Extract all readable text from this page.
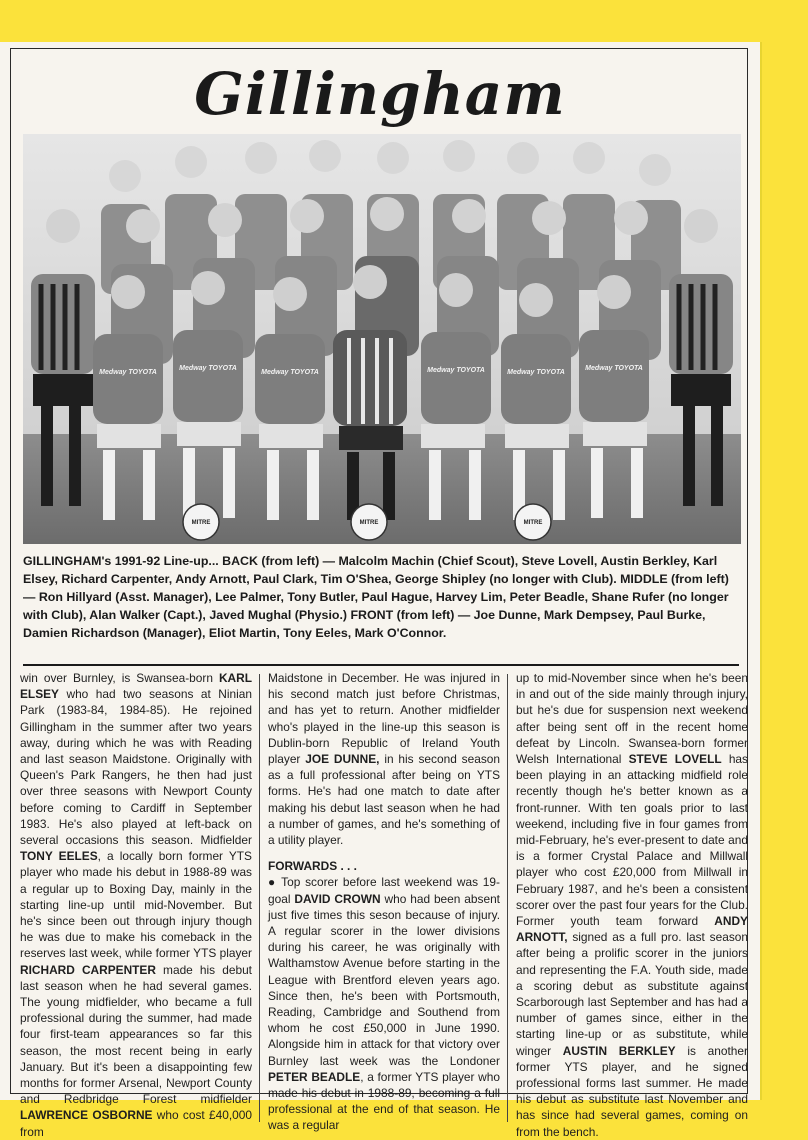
Gillingham
MITRE	MITRE	MITRE
Medway TOYOTA
Medway TOYOTA
Medway TOYOTA	Medway TOYOTA	Medway TOYOTA
Medway TOYOTA

GILLINGHAM's 1991-92 Line-up... BACK (from left) — Malcolm Machin (Chief Scout), Steve Lovell, Austin Berkley, Karl Elsey, Richard Carpenter, Andy Arnott, Paul Clark, Tim O'Shea, George Shipley (no longer with Club). MIDDLE (from left) — Ron Hillyard (Asst. Manager), Lee Palmer, Tony Butler, Paul Hague, Harvey Lim, Peter Beadle, Shane Rufer (no longer with Club), Alan Walker (Capt.), Javed Mughal (Physio.) FRONT (from left) — Joe Dunne, Mark Dempsey, Paul Burke, Damien Richardson (Manager), Eliot Martin, Tony Eeles, Mark O'Connor.

win over Burnley, is Swansea-born KARL ELSEY who had two seasons at Ninian Park (1983-84, 1984-85). He rejoined Gillingham in the summer after two years away, during which he was with Reading and last season Maidstone. Originally with Queen's Park Rangers, he then had just over three seasons with Newport County before coming to Cardiff in September 1983. He's also played at left-back on several occasions this season. Midfielder TONY EELES, a locally born former YTS player who made his debut in 1988-89 was a regular up to Boxing Day, mainly in the starting line-up until mid-November. But he's since been out through injury though he was due to make his comeback in the reserves last week, while former YTS player RICHARD CARPENTER made his debut last season when he had several games. The young midfielder, who became a full professional during the summer, had made four first-team appearances so far this season, the most recent being in early January. But it's been a disappointing few months for former Arsenal, Newport County and Redbridge Forest midfielder LAWRENCE OSBORNE who cost £40,000 from

Maidstone in December. He was injured in his second match just before Christmas, and has yet to return. Another midfielder who's played in the line-up this season is Dublin-born Republic of Ireland Youth player JOE DUNNE, in his second season as a full professional after being on YTS forms. He's had one match to date after making his debut last season when he had a number of games, and he's something of a utility player.

FORWARDS . . .

● Top scorer before last weekend was 19-goal DAVID CROWN who had been absent just five times this seson because of injury. A regular scorer in the lower divisions during his career, he was originally with Walthamstow Avenue before starting in the League with Brentford eleven years ago. Since then, he's been with Portsmouth, Reading, Cambridge and Southend from whom he cost £50,000 in June 1990. Alongside him in attack for that victory over Burnley last week was the Londoner PETER BEADLE, a former YTS player who made his debut in 1988-89, becoming a full professional at the end of that season. He was a regular

up to mid-November since when he's been in and out of the side mainly through injury, but he's due for suspension next weekend after being sent off in the recent home defeat by Lincoln. Swansea-born former Welsh International STEVE LOVELL has been playing in an attacking midfield role recently though he's better known as a front-runner. With ten goals prior to last weekend, including five in four games from mid-February, he's ever-present to date and is a former Crystal Palace and Millwall player who cost £20,000 from Millwall in February 1987, and he's been a consistent scorer over the past four years for the Club. Former youth team forward ANDY ARNOTT, signed as a full pro. last season after being a prolific scorer in the juniors and representing the F.A. Youth side, made a scoring debut as substitute against Scarborough last September and has had a number of games since, either in the starting line-up or as substitute, while winger AUSTIN BERKLEY is another former YTS player, and he signed professional forms last summer. He made his debut as substitute last November and has since had several games, coming on from the bench.
